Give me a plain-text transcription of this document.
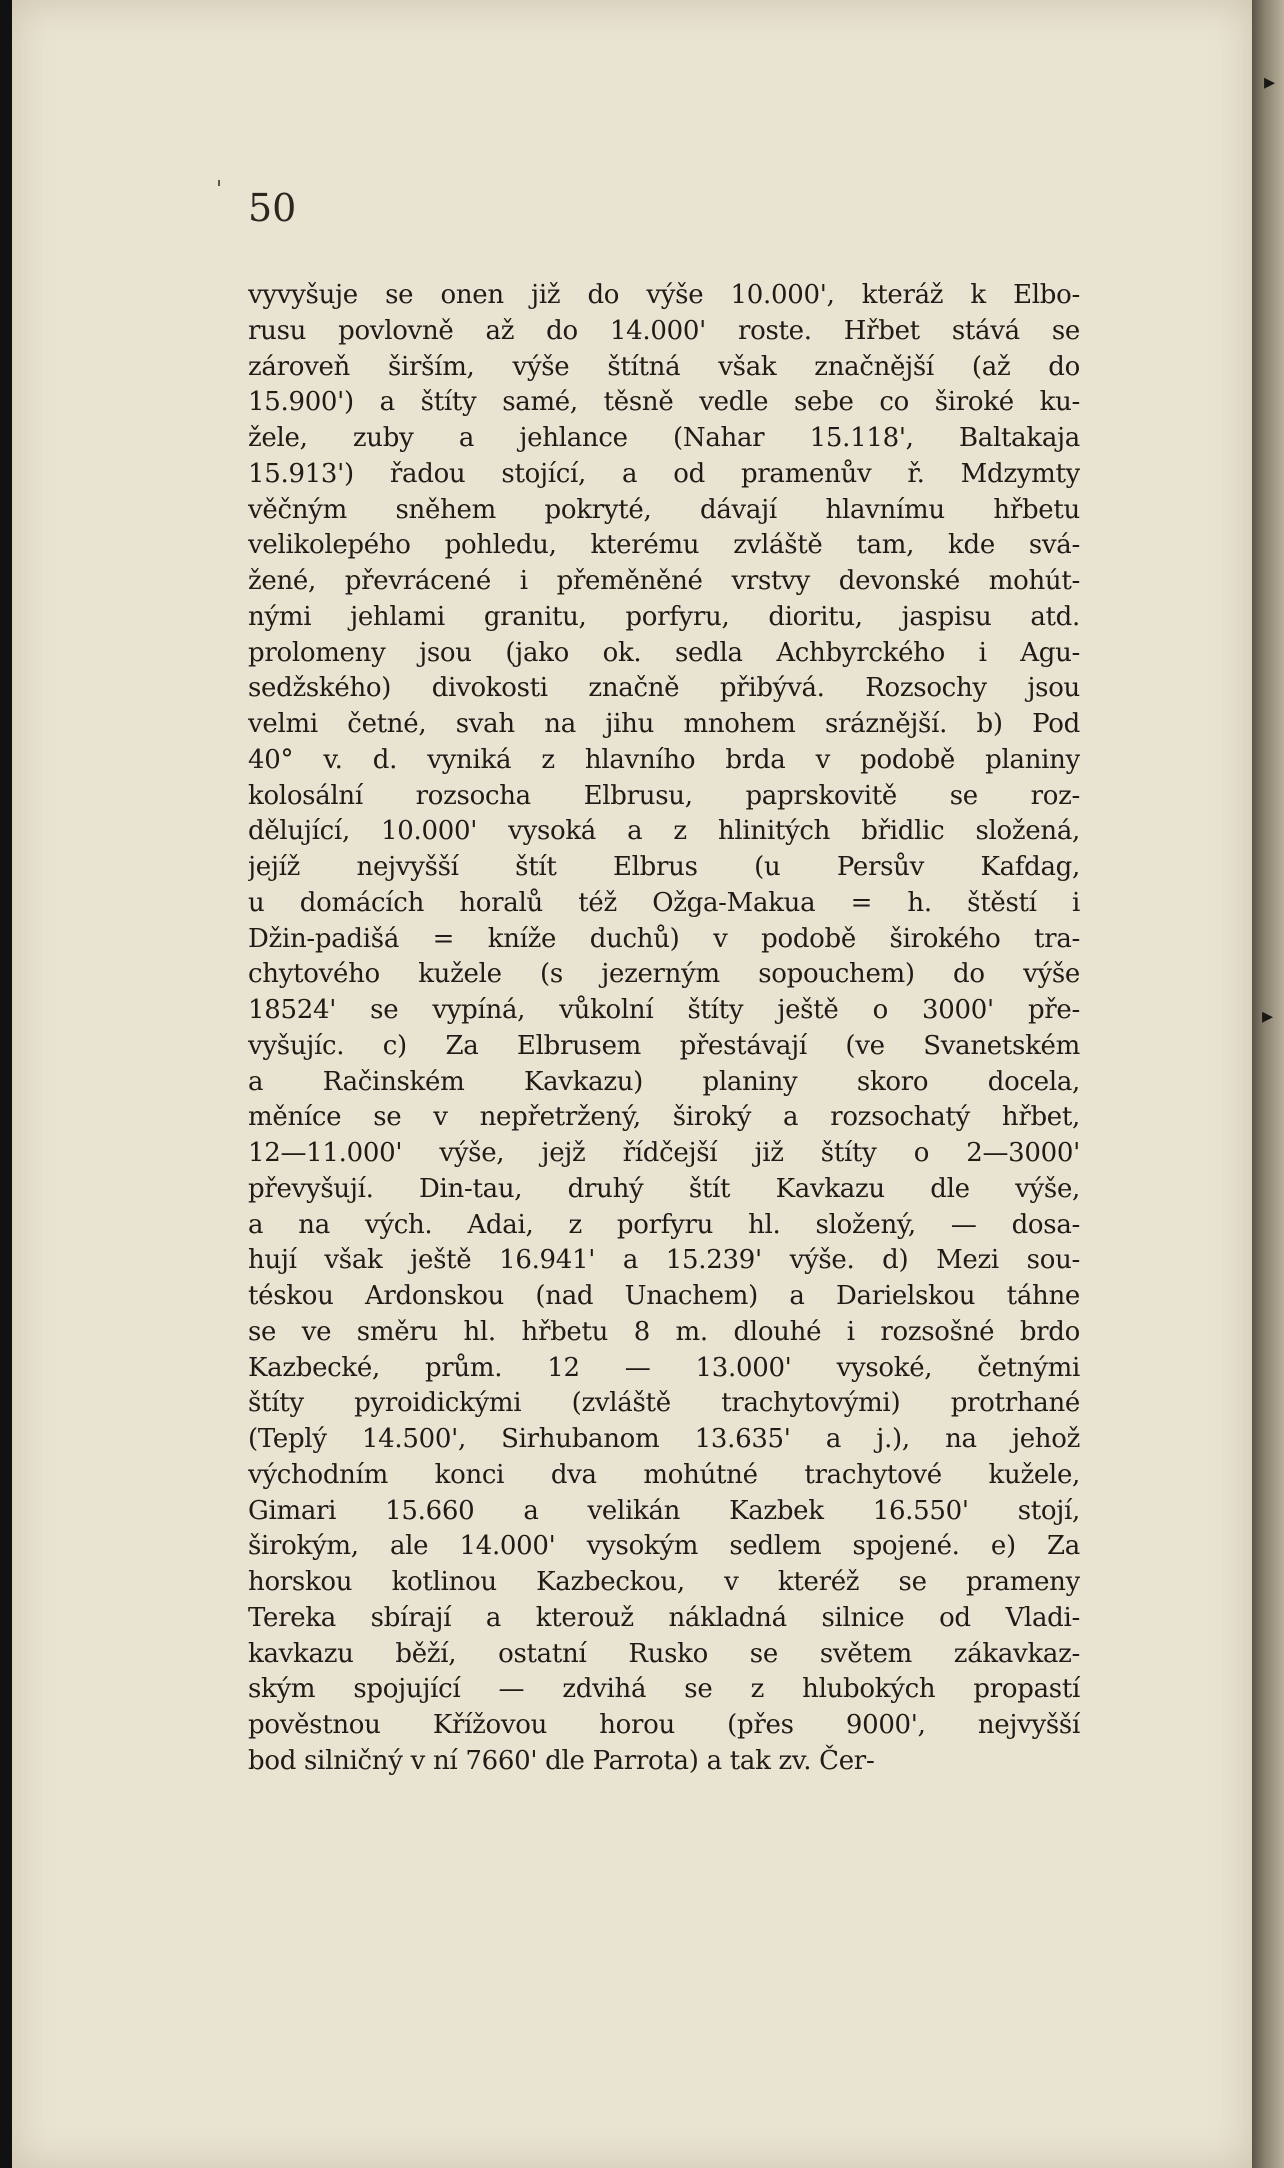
ˈ
▸
▸
50
vyvyšuje se onen již do výše 10.000', kteráž k Elbo-
rusu povlovně až do 14.000' roste. Hřbet stává se
zároveň širším, výše štítná však značnější (až do
15.900') a štíty samé, těsně vedle sebe co široké ku-
žele, zuby a jehlance (Nahar 15.118', Baltakaja
15.913') řadou stojící, a od pramenův ř. Mdzymty
věčným sněhem pokryté, dávají hlavnímu hřbetu
velikolepého pohledu, kterému zvláště tam, kde svá-
žené, převrácené i přeměněné vrstvy devonské mohút-
nými jehlami granitu, porfyru, dioritu, jaspisu atd.
prolomeny jsou (jako ok. sedla Achbyrckého i Agu-
sedžského) divokosti značně přibývá. Rozsochy jsou
velmi četné, svah na jihu mnohem sráznější. b) Pod
40° v. d. vyniká z hlavního brda v podobě planiny
kolosální rozsocha Elbrusu, paprskovitě se roz-
dělující, 10.000' vysoká a z hlinitých břidlic složená,
jejíž nejvyšší štít Elbrus (u Persův Kafdag,
u domácích horalů též Ožga-Makua = h. štěstí i
Džin-padišá = kníže duchů) v podobě širokého tra-
chytového kužele (s jezerným sopouchem) do výše
18524' se vypíná, vůkolní štíty ještě o 3000' pře-
vyšujíc. c) Za Elbrusem přestávají (ve Svanetském
a Račinském Kavkazu) planiny skoro docela,
měníce se v nepřetržený, široký a rozsochatý hřbet,
12—11.000' výše, jejž řídčejší již štíty o 2—3000'
převyšují. Din-tau, druhý štít Kavkazu dle výše,
a na vých. Adai, z porfyru hl. složený, — dosa-
hují však ještě 16.941' a 15.239' výše. d) Mezi sou-
téskou Ardonskou (nad Unachem) a Darielskou táhne
se ve směru hl. hřbetu 8 m. dlouhé i rozsošné brdo
Kazbecké, prům. 12 — 13.000' vysoké, četnými
štíty pyroidickými (zvláště trachytovými) protrhané
(Teplý 14.500', Sirhubanom 13.635' a j.), na jehož
východním konci dva mohútné trachytové kužele,
Gimari 15.660 a velikán Kazbek 16.550' stojí,
širokým, ale 14.000' vysokým sedlem spojené. e) Za
horskou kotlinou Kazbeckou, v kteréž se prameny
Tereka sbírají a kterouž nákladná silnice od Vladi-
kavkazu běží, ostatní Rusko se světem zákavkaz-
ským spojující — zdvihá se z hlubokých propastí
pověstnou Křížovou horou (přes 9000', nejvyšší
bod silničný v ní 7660' dle Parrota) a tak zv. Čer-
